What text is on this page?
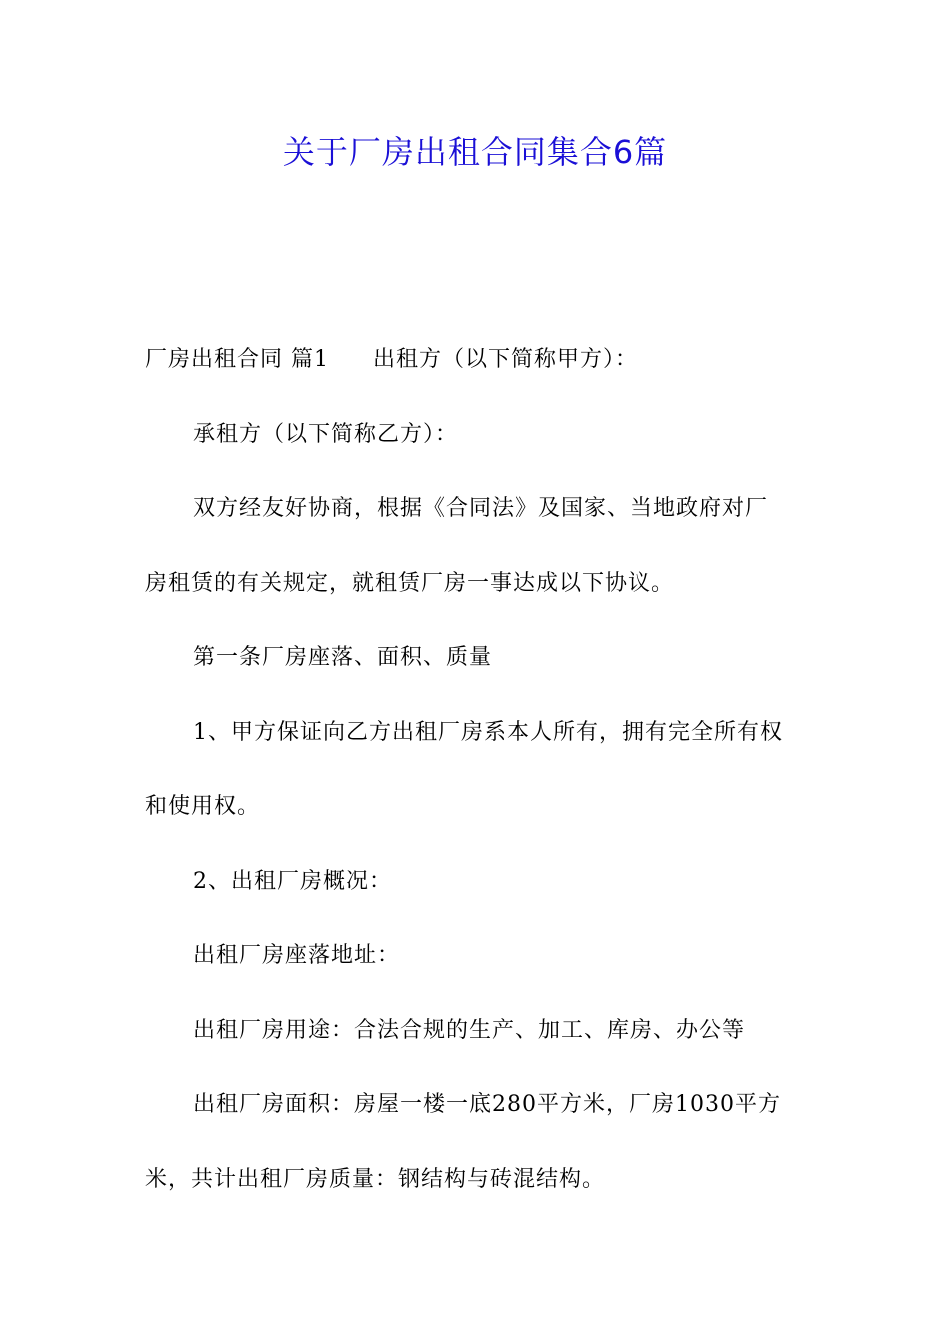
关于厂房出租合同集合6篇
厂房出租合同 篇1 出租方（以下简称甲方）：
承租方（以下简称乙方）：
双方经友好协商，根据《合同法》及国家、当地政府对厂
房租赁的有关规定，就租赁厂房一事达成以下协议。
第一条厂房座落、面积、质量
1、甲方保证向乙方出租厂房系本人所有，拥有完全所有权
和使用权。
2、出租厂房概况：
出租厂房座落地址：
出租厂房用途：合法合规的生产、加工、库房、办公等
出租厂房面积：房屋一楼一底280平方米，厂房1030平方
米，共计出租厂房质量：钢结构与砖混结构。
